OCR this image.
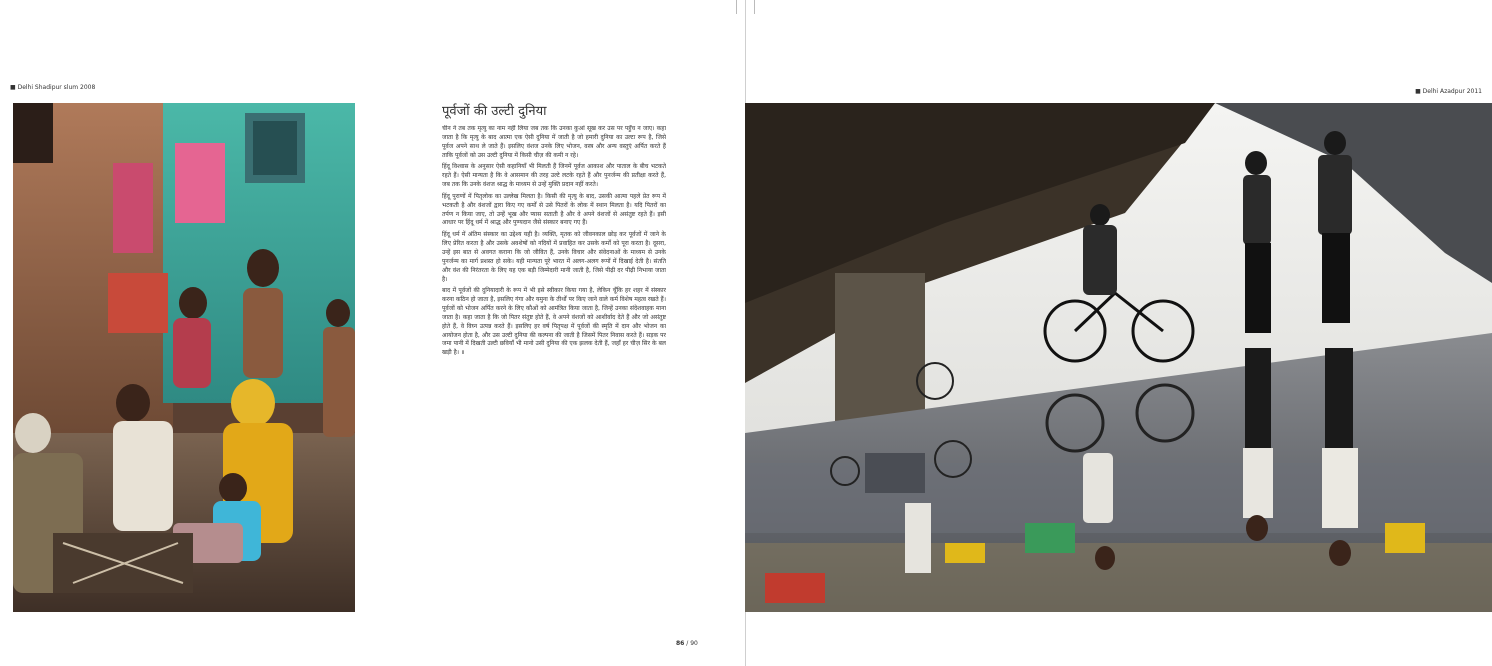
■ Delhi Shadipur slum 2008
■ Delhi Azadpur 2011
पूर्वजों की उल्टी दुनिया

चीन ने तब तक मृत्यु का नाम नहीं लिया जब तक कि उनका कुआं सूख कर उस पर पहुँच न जाए। कहा जाता है कि मृत्यु के बाद आत्मा एक ऐसी दुनिया में जाती है जो हमारी दुनिया का उल्टा रूप है, जिसे पूर्वज अपने साथ ले जाते हैं। इसलिए वंशज उनके लिए भोजन, वस्त्र और अन्य वस्तुएं अर्पित करते हैं ताकि पूर्वजों को उस उल्टी दुनिया में किसी चीज़ की कमी न रहे।

हिंदू विश्वास के अनुसार ऐसी कहानियाँ भी मिलती हैं जिनमें पूर्वज आकाश और पाताल के बीच भटकते रहते हैं। ऐसी मान्यता है कि वे आसमान की तरह उल्टे लटके रहते हैं और पुनर्जन्म की प्रतीक्षा करते हैं, जब तक कि उनके वंशज श्राद्ध के माध्यम से उन्हें मुक्ति प्रदान नहीं करते।

हिंदू पुराणों में पितृलोक का उल्लेख मिलता है। किसी की मृत्यु के बाद, उसकी आत्मा पहले प्रेत रूप में भटकती है और वंशजों द्वारा किए गए कर्मों से उसे पितरों के लोक में स्थान मिलता है। यदि पितरों का तर्पण न किया जाए, तो उन्हें भूख और प्यास सताती है और वे अपने वंशजों से असंतुष्ट रहते हैं। इसी आधार पर हिंदू धर्म में श्राद्ध और पुण्यदान जैसे संस्कार बनाए गए हैं।

हिंदू धर्म में अंतिम संस्कार का उद्देश्य यही है। व्यक्ति, मृतक को जीवनकाल छोड़ कर पूर्वजों में जाने के लिए प्रेरित करता है और उसके अवशेषों को नदियों में प्रवाहित कर उसके कर्मों को पूरा करता है। दूसरा, उन्हें इस बात से अवगत कराना कि जो जीवित हैं, उनके विचार और संवेदनाओं के माध्यम से उनके पुनर्जन्म का मार्ग प्रशस्त हो सके। यही मान्यता पूरे भारत में अलग-अलग रूपों में दिखाई देती है। संतति और वंश की निरंतरता के लिए यह एक बड़ी जिम्मेदारी मानी जाती है, जिसे पीढ़ी दर पीढ़ी निभाया जाता है।

बाद में पूर्वजों की दुनियादारी के रूप में भी इसे स्वीकार किया गया है, लेकिन चूँकि हर शहर में संस्कार करना कठिन हो जाता है, इसलिए गंगा और यमुना के तीर्थों पर किए जाने वाले कर्म विशेष महत्व रखते हैं। पूर्वजों को भोजन अर्पित करने के लिए कौओं को आमंत्रित किया जाता है, जिन्हें उनका संदेशवाहक माना जाता है। कहा जाता है कि जो पितर संतुष्ट होते हैं, वे अपने वंशजों को आशीर्वाद देते हैं और जो असंतुष्ट होते हैं, वे विघ्न उत्पन्न करते हैं। इसलिए हर वर्ष पितृपक्ष में पूर्वजों की स्मृति में दान और भोजन का आयोजन होता है, और उस उल्टी दुनिया की कल्पना की जाती है जिसमें पितर निवास करते हैं। सड़क पर जमा पानी में दिखती उल्टी छवियाँ भी मानो उसी दुनिया की एक झलक देती हैं, जहाँ हर चीज़ सिर के बल खड़ी है। ॥

86 / 90
